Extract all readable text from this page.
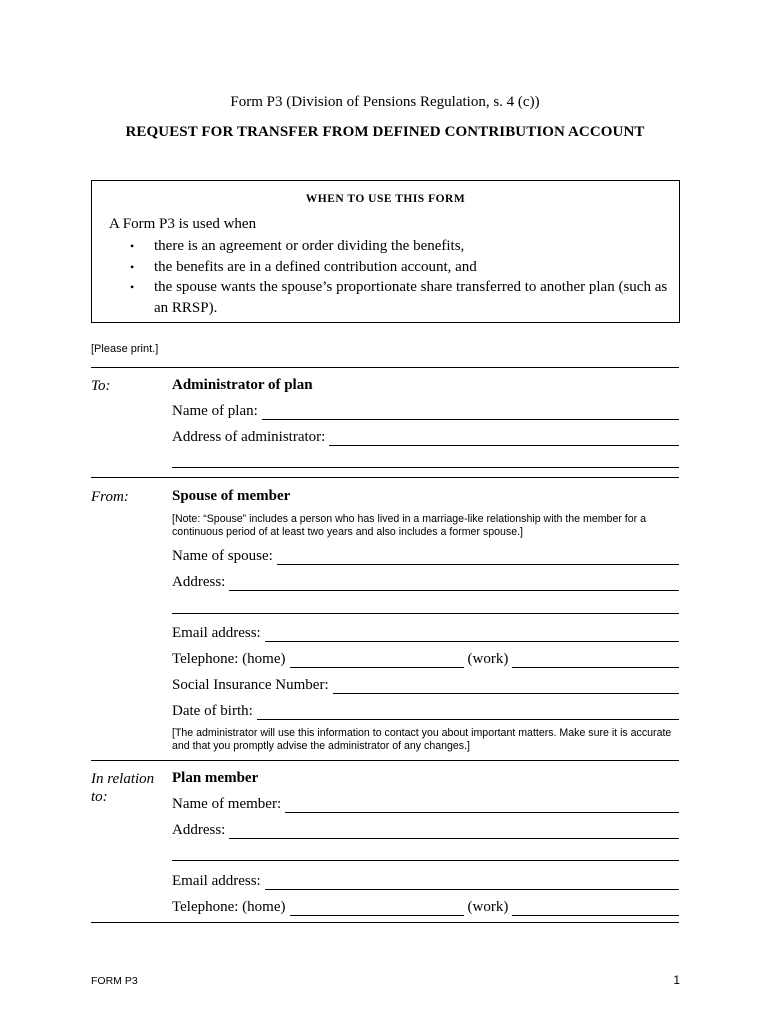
Form P3 (Division of Pensions Regulation, s. 4 (c))
REQUEST FOR TRANSFER FROM DEFINED CONTRIBUTION ACCOUNT
WHEN TO USE THIS FORM
A Form P3 is used when
• there is an agreement or order dividing the benefits,
• the benefits are in a defined contribution account, and
• the spouse wants the spouse’s proportionate share transferred to another plan (such as an RRSP).
[Please print.]
To:	Administrator of plan
Name of plan:
Address of administrator:
From:	Spouse of member
[Note: “Spouse” includes a person who has lived in a marriage-like relationship with the member for a continuous period of at least two years and also includes a former spouse.]
Name of spouse:
Address:
Email address:
Telephone: (home)	(work)
Social Insurance Number:
Date of birth:
[The administrator will use this information to contact you about important matters. Make sure it is accurate and that you promptly advise the administrator of any changes.]
In relation
to:
Plan member
Name of member:
Address:
Email address:
Telephone: (home)	(work)
FORM P3	1
